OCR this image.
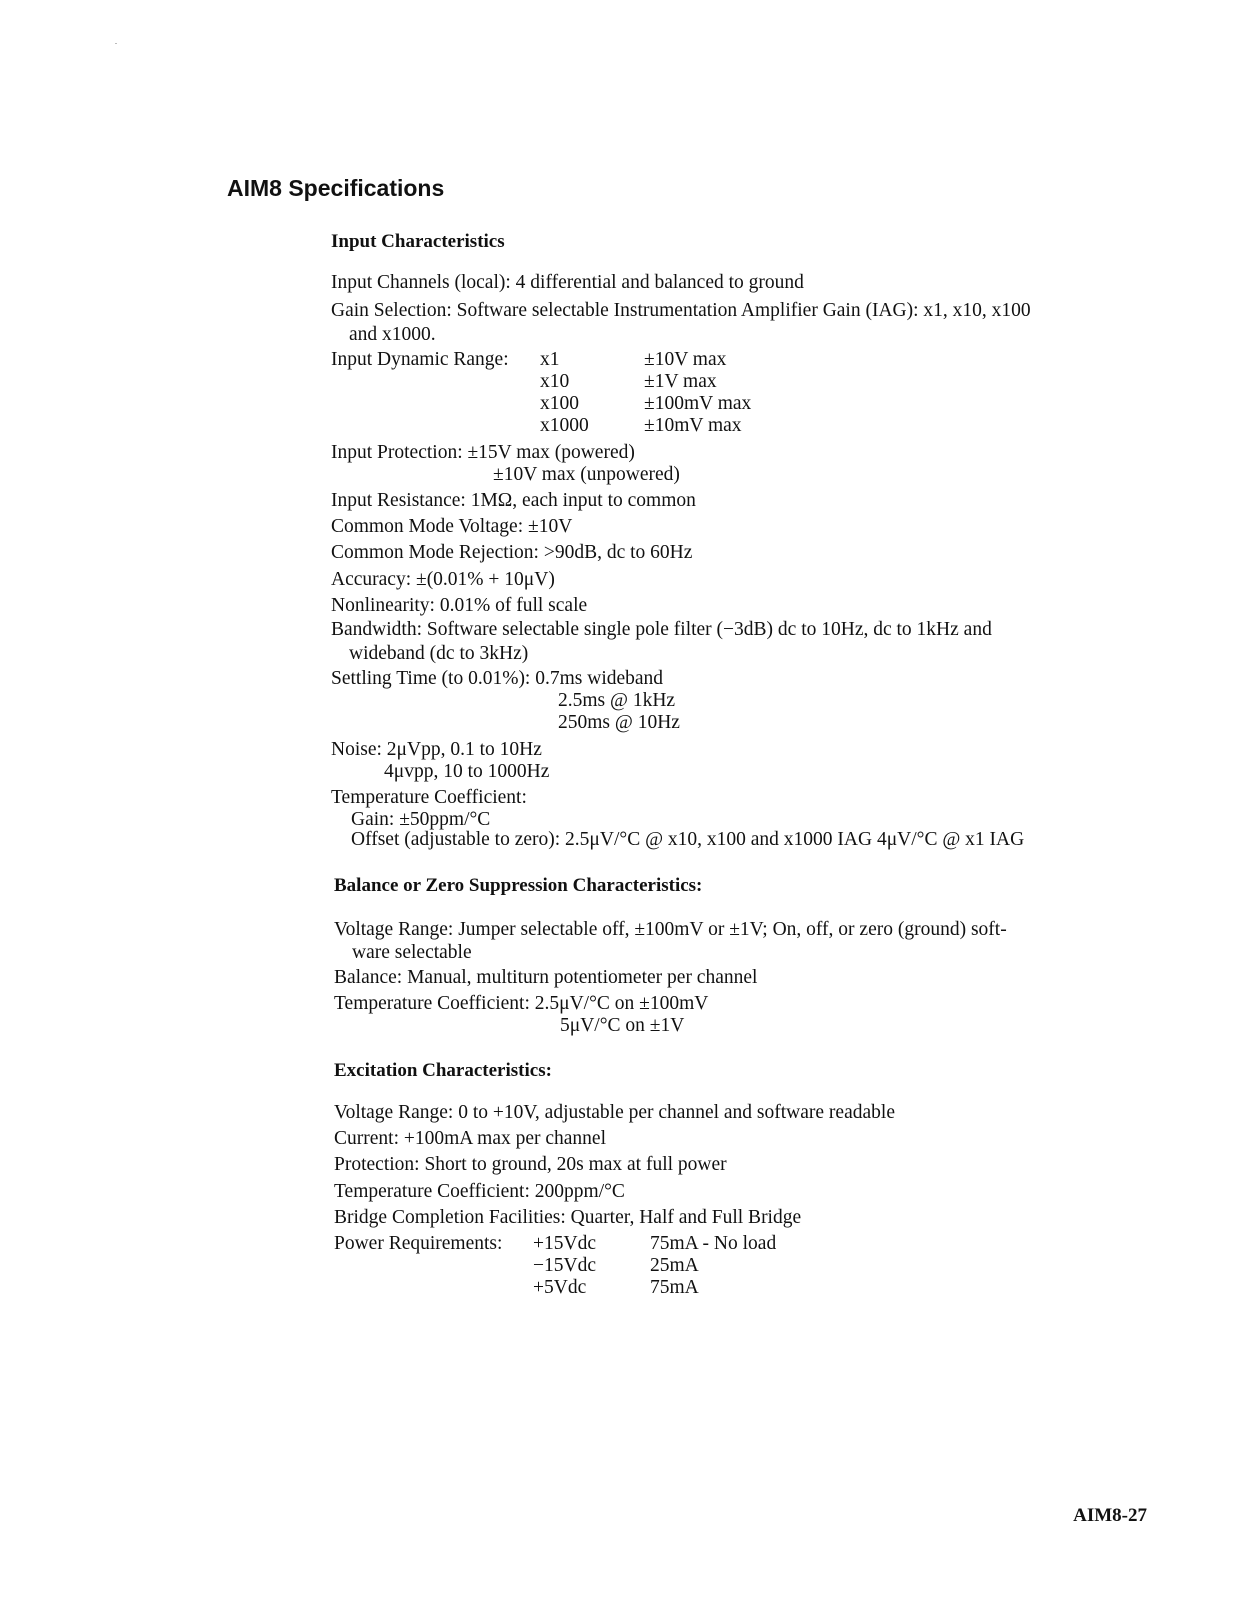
AIM8 Specifications
Input Characteristics
Input Channels (local): 4 differential and balanced to ground
Gain Selection: Software selectable Instrumentation Amplifier Gain (IAG): x1, x10, x100
and x1000.
Input Dynamic Range: x1	±10V max
x10	±1V max
x100	±100mV max
x1000	±10mV max
Input Protection: ±15V max (powered)
±10V max (unpowered)
Input Resistance: 1MΩ, each input to common
Common Mode Voltage: ±10V
Common Mode Rejection: >90dB, dc to 60Hz
Accuracy: ±(0.01% + 10μV)
Nonlinearity: 0.01% of full scale
Bandwidth: Software selectable single pole filter (−3dB) dc to 10Hz, dc to 1kHz and
wideband (dc to 3kHz)
Settling Time (to 0.01%): 0.7ms wideband
2.5ms @ 1kHz
250ms @ 10Hz
Noise: 2μVpp, 0.1 to 10Hz
4μvpp, 10 to 1000Hz
Temperature Coefficient:
Gain: ±50ppm/°C
Offset (adjustable to zero): 2.5μV/°C @ x10, x100 and x1000 IAG 4μV/°C @ x1 IAG
Balance or Zero Suppression Characteristics:
Voltage Range: Jumper selectable off, ±100mV or ±1V; On, off, or zero (ground) soft-
ware selectable
Balance: Manual, multiturn potentiometer per channel
Temperature Coefficient: 2.5μV/°C on ±100mV
5μV/°C on ±1V
Excitation Characteristics:
Voltage Range: 0 to +10V, adjustable per channel and software readable
Current: +100mA max per channel
Protection: Short to ground, 20s max at full power
Temperature Coefficient: 200ppm/°C
Bridge Completion Facilities: Quarter, Half and Full Bridge
Power Requirements: +15Vdc	75mA - No load
−15Vdc	25mA
+5Vdc	75mA
AIM8-27
